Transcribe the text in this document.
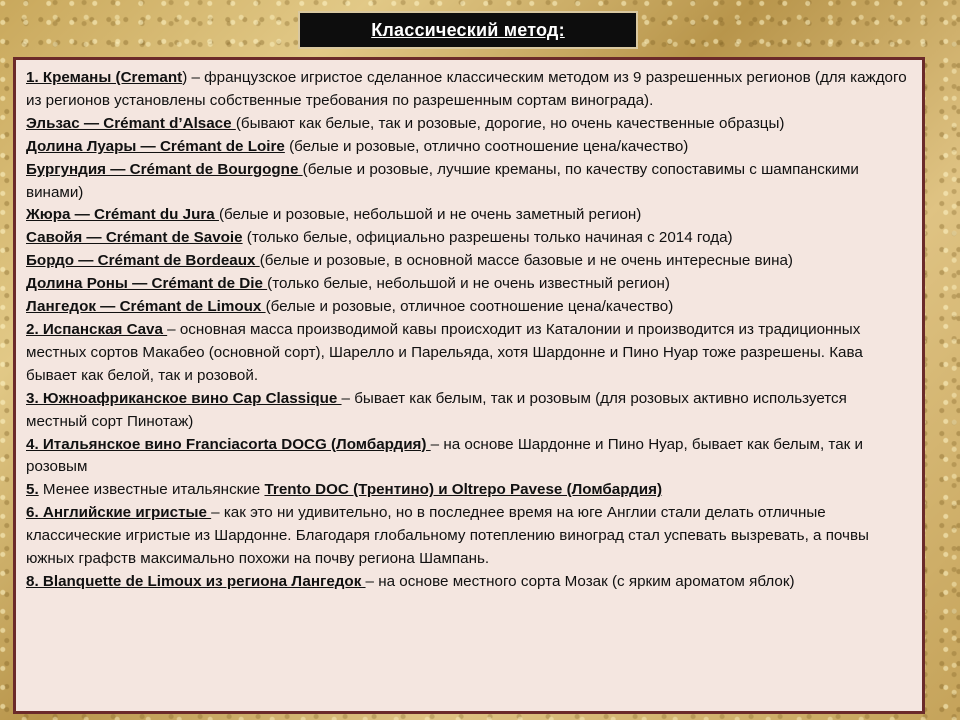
Классический метод:

1. Креманы (Cremant) – французское игристое сделанное классическим методом из 9 разрешенных регионов (для каждого из регионов установлены собственные требования по разрешенным сортам винограда).

Эльзас — Crémant d’Alsace (бывают как белые, так и розовые, дорогие, но очень качественные образцы)

Долина Луары — Crémant de Loire (белые и розовые, отлично соотношение цена/качество)

Бургундия — Crémant de Bourgogne (белые и розовые, лучшие креманы, по качеству сопоставимы с шампанскими винами)

Жюра — Crémant du Jura (белые и розовые, небольшой и не очень заметный регион)

Савойя — Crémant de Savoie (только белые, официально разрешены только начиная с 2014 года)

Бордо — Crémant de Bordeaux (белые и розовые, в основной массе базовые и не очень интересные вина)

Долина Роны — Crémant de Die (только белые, небольшой и не очень известный регион)

Лангедок — Crémant de Limoux (белые и розовые, отличное соотношение цена/качество)

2. Испанская Cava – основная масса производимой кавы происходит из Каталонии и производится из традиционных местных сортов Макабео (основной сорт), Шарелло и Парельяда, хотя Шардонне и Пино Нуар тоже разрешены. Кава бывает как белой, так и розовой.

3. Южноафриканское вино Cap Classique – бывает как белым, так и розовым (для розовых активно используется местный сорт Пинотаж)

4. Итальянское вино Franciacorta DOCG (Ломбардия) – на основе Шардонне и Пино Нуар, бывает как белым, так и розовым

5. Менее известные итальянские Trento DOC (Трентино) и Oltrepo Pavese (Ломбардия)

6. Английские игристые – как это ни удивительно, но в последнее время на юге Англии стали делать отличные классические игристые из Шардонне. Благодаря глобальному потеплению виноград стал успевать вызревать, а почвы южных графств максимально похожи на почву региона Шампань.

8. Blanquette de Limoux из региона Лангедок – на основе местного сорта Мозак (с ярким ароматом яблок)
